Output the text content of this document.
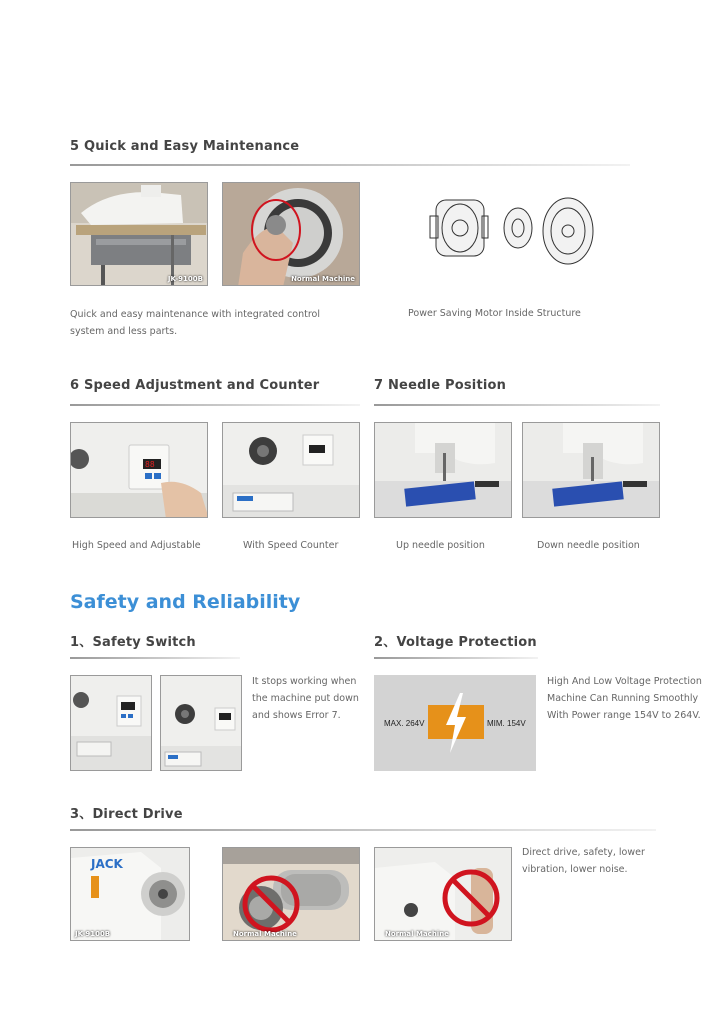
5 Quick and Easy Maintenance
JK-9100B	Normal Machine
Quick and easy maintenance with integrated control system and less parts.
Power Saving Motor Inside Structure
6 Speed Adjustment and Counter
88
High Speed and Adjustable	With Speed Counter
7 Needle Position
Up needle position	Down needle position
Safety and Reliability
1、Safety Switch
It stops working when the machine put down and shows Error 7.
2、Voltage Protection
MAX. 264V	MIM. 154V
High And Low Voltage Protection Machine Can Running Smoothly With Power range 154V to 264V.
3、Direct Drive
JACK
JK-9100B	Normal Machine	Normal Machine
Direct drive, safety, lower vibration, lower noise.
